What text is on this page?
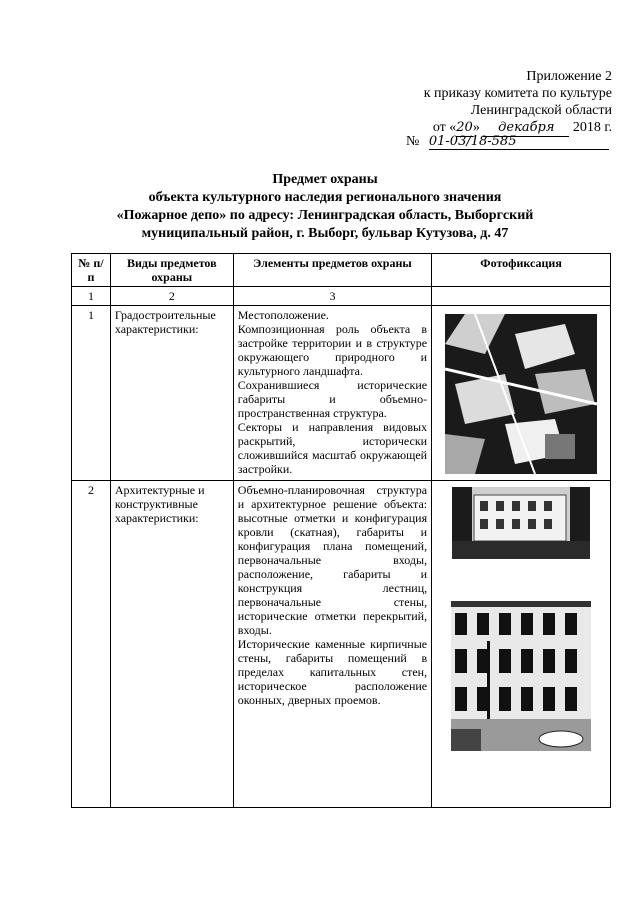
Приложение 2
к приказу комитета по культуре
Ленинградской области
от «20» декабря 2018 г.
№ 01-03/18-585
Предмет охраны
объекта культурного наследия регионального значения
«Пожарное депо» по адресу: Ленинградская область, Выборгский
муниципальный район, г. Выборг, бульвар Кутузова, д. 47
№ п/п	Виды предметов охраны	Элементы предметов охраны	Фотофиксация
1	2	3	
1	Градостроительные характеристики:	Местоположение.

Композиционная роль объекта в застройке территории и в структуре окружающего природного и культурного ландшафта.

Сохранившиеся исторические габариты и объемно-пространственная структура.

Секторы и направления видовых раскрытий, исторически сложившийся масштаб окружающей застройки.

2	Архитектурные и конструктивные характеристики:	Объемно-планировочная структура и архитектурное решение объекта: высотные отметки и конфигурация кровли (скатная), габариты и конфигурация плана помещений, первоначальные входы, расположение, габариты и конструкция лестниц, первоначальные стены, исторические отметки перекрытий, входы.

Исторические каменные кирпичные стены, габариты помещений в пределах капитальных стен, историческое расположение оконных, дверных проемов.
